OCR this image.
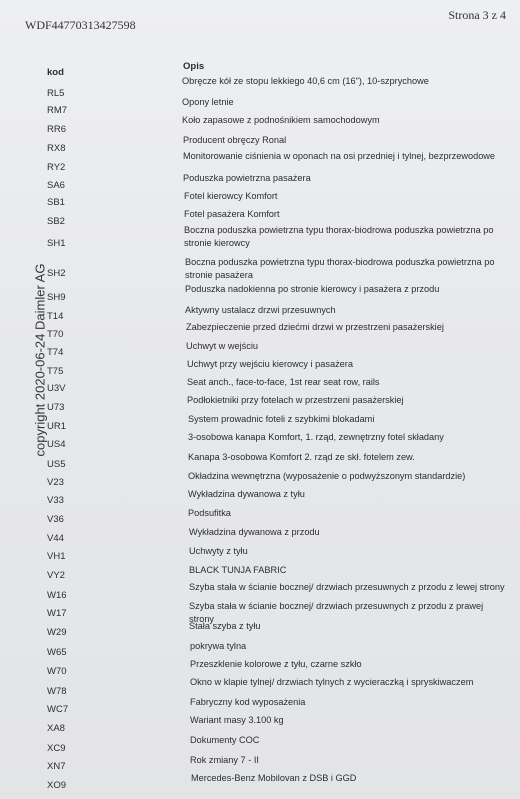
WDF44770313427598
Strona 3 z 4
copyright 2020-06-24 Daimler AG
kod
Opis
RL5
Obręcze kół ze stopu lekkiego 40,6 cm (16"), 10-szprychowe
RM7
Opony letnie
RR6
Koło zapasowe z podnośnikiem samochodowym
RX8
Producent obręczy Ronal
RY2
Monitorowanie ciśnienia w oponach na osi przedniej i tylnej, bezprzewodowe
SA6
Poduszka powietrzna pasażera
SB1
Fotel kierowcy Komfort
SB2
Fotel pasażera Komfort
SH1
Boczna poduszka powietrzna typu thorax-biodrowa poduszka powietrzna po stronie kierowcy
SH2
Boczna poduszka powietrzna typu thorax-biodrowa poduszka powietrzna po stronie pasażera
SH9
Poduszka nadokienna po stronie kierowcy i pasażera z przodu
T14
Aktywny ustalacz drzwi przesuwnych
T70
Zabezpieczenie przed dziećmi drzwi w przestrzeni pasażerskiej
T74
Uchwyt w wejściu
T75
Uchwyt przy wejściu kierowcy i pasażera
U3V
Seat anch., face-to-face, 1st rear seat row, rails
U73
Podłokietniki przy fotelach w przestrzeni pasażerskiej
UR1
System prowadnic foteli z szybkimi blokadami
US4
3-osobowa kanapa Komfort, 1. rząd, zewnętrzny fotel składany
US5
Kanapa 3-osobowa Komfort 2. rząd ze skł. fotelem zew.
V23
Okładzina wewnętrzna (wyposażenie o podwyższonym standardzie)
V33
Wykładzina dywanowa z tyłu
V36
Podsufitka
V44
Wykładzina dywanowa z przodu
VH1	Uchwyty z tyłu
VY2	BLACK TUNJA FABRIC
W16
Szyba stała w ścianie bocznej/ drzwiach przesuwnych z przodu z lewej strony
W17
Szyba stała w ścianie bocznej/ drzwiach przesuwnych z przodu z prawej strony
W29
Stała szyba z tyłu
W65
pokrywa tylna
W70
Przeszklenie kolorowe z tyłu, czarne szkło
W78
Okno w klapie tylnej/ drzwiach tylnych z wycieraczką i spryskiwaczem
WC7
Fabryczny kod wyposażenia
XA8
Wariant masy 3.100 kg
XC9
Dokumenty COC
XN7
Rok zmiany 7 - II
XO9
Mercedes-Benz Mobilovan z DSB i GGD
